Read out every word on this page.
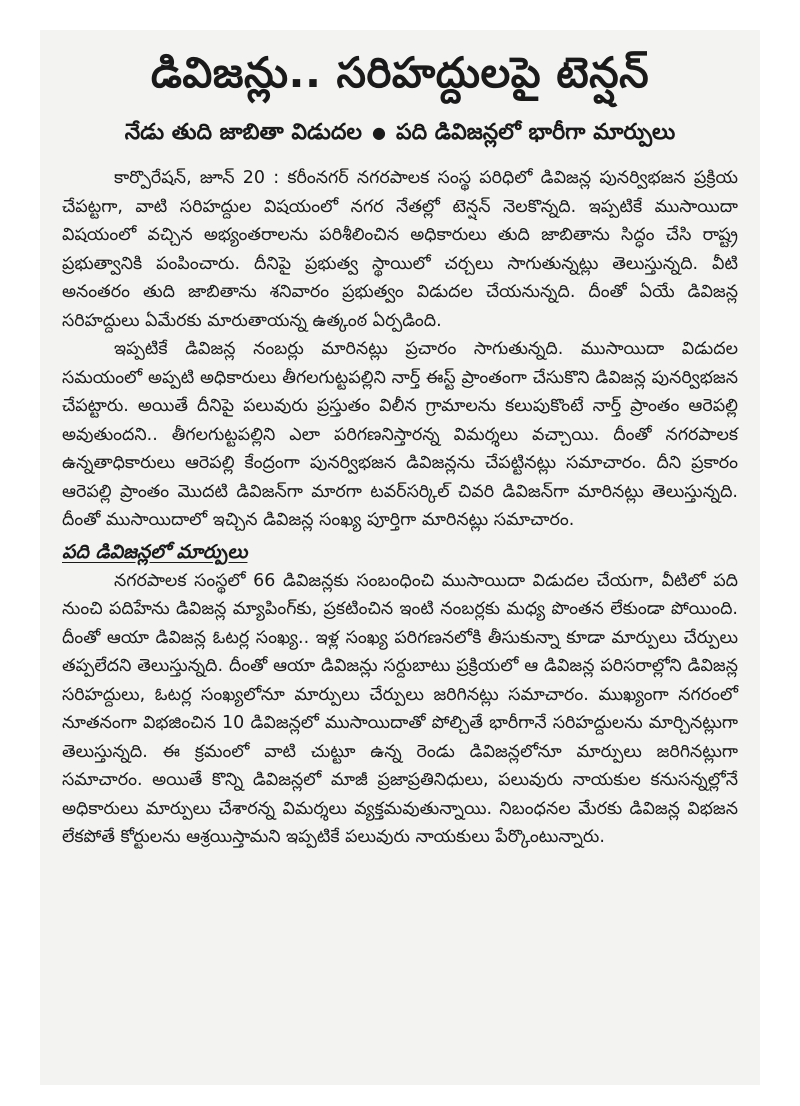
డివిజన్లు.. సరిహద్దులపై టెన్షన్
నేడు తుది జాబితా విడుదల ● పది డివిజన్లలో భారీగా మార్పులు

కార్పొరేషన్, జూన్ 20 : కరీంనగర్ నగరపాలక సంస్థ పరిధిలో డివిజన్ల పునర్విభజన ప్రక్రియ చేపట్టగా, వాటి సరిహద్దుల విషయంలో నగర నేతల్లో టెన్షన్ నెలకొన్నది. ఇప్పటికే ముసాయిదా విషయంలో వచ్చిన అభ్యంతరాలను పరిశీలించిన అధికారులు తుది జాబితాను సిద్ధం చేసి రాష్ట్ర ప్రభుత్వానికి పంపించారు. దీనిపై ప్రభుత్వ స్థాయిలో చర్చలు సాగుతున్నట్లు తెలుస్తున్నది. వీటి అనంతరం తుది జాబితాను శనివారం ప్రభుత్వం విడుదల చేయనున్నది. దీంతో ఏయే డివిజన్ల సరిహద్దులు ఏమేరకు మారుతాయన్న ఉత్కంఠ ఏర్పడింది.

ఇప్పటికే డివిజన్ల నంబర్లు మారినట్లు ప్రచారం సాగుతున్నది. ముసాయిదా విడుదల సమయంలో అప్పటి అధికారులు తీగలగుట్టపల్లిని నార్త్ ఈస్ట్ ప్రాంతంగా చేసుకొని డివిజన్ల పునర్విభజన చేపట్టారు. అయితే దీనిపై పలువురు ప్రస్తుతం విలీన గ్రామాలను కలుపుకొంటే నార్త్ ప్రాంతం ఆరెపల్లి అవుతుందని.. తీగలగుట్టపల్లిని ఎలా పరిగణనిస్తారన్న విమర్శలు వచ్చాయి. దీంతో నగరపాలక ఉన్నతాధికారులు ఆరెపల్లి కేంద్రంగా పునర్విభజన డివిజన్లను చేపట్టినట్లు సమాచారం. దీని ప్రకారం ఆరెపల్లి ప్రాంతం మొదటి డివిజన్‌గా మారగా టవర్‌సర్కిల్ చివరి డివిజన్‌గా మారినట్లు తెలుస్తున్నది. దీంతో ముసాయిదాలో ఇచ్చిన డివిజన్ల సంఖ్య పూర్తిగా మారినట్లు సమాచారం.

పది డివిజన్లలో మార్పులు

నగరపాలక సంస్థలో 66 డివిజన్లకు సంబంధించి ముసాయిదా విడుదల చేయగా, వీటిలో పది నుంచి పదిహేను డివిజన్ల మ్యాపింగ్‌కు, ప్రకటించిన ఇంటి నంబర్లకు మధ్య పొంతన లేకుండా పోయింది. దీంతో ఆయా డివిజన్ల ఓటర్ల సంఖ్య.. ఇళ్ల సంఖ్య పరిగణనలోకి తీసుకున్నా కూడా మార్పులు చేర్పులు తప్పలేదని తెలుస్తున్నది. దీంతో ఆయా డివిజన్లు సర్దుబాటు ప్రక్రియలో ఆ డివిజన్ల పరిసరాల్లోని డివిజన్ల సరిహద్దులు, ఓటర్ల సంఖ్యలోనూ మార్పులు చేర్పులు జరిగినట్లు సమాచారం. ముఖ్యంగా నగరంలో నూతనంగా విభజించిన 10 డివిజన్లలో ముసాయిదాతో పోల్చితే భారీగానే సరిహద్దులను మార్చినట్లుగా తెలుస్తున్నది. ఈ క్రమంలో వాటి చుట్టూ ఉన్న రెండు డివిజన్లలోనూ మార్పులు జరిగినట్లుగా సమాచారం. అయితే కొన్ని డివిజన్లలో మాజీ ప్రజాప్రతినిధులు, పలువురు నాయకుల కనుసన్నల్లోనే అధికారులు మార్పులు చేశారన్న విమర్శలు వ్యక్తమవుతున్నాయి. నిబంధనల మేరకు డివిజన్ల విభజన లేకపోతే కోర్టులను ఆశ్రయిస్తామని ఇప్పటికే పలువురు నాయకులు పేర్కొంటున్నారు.
